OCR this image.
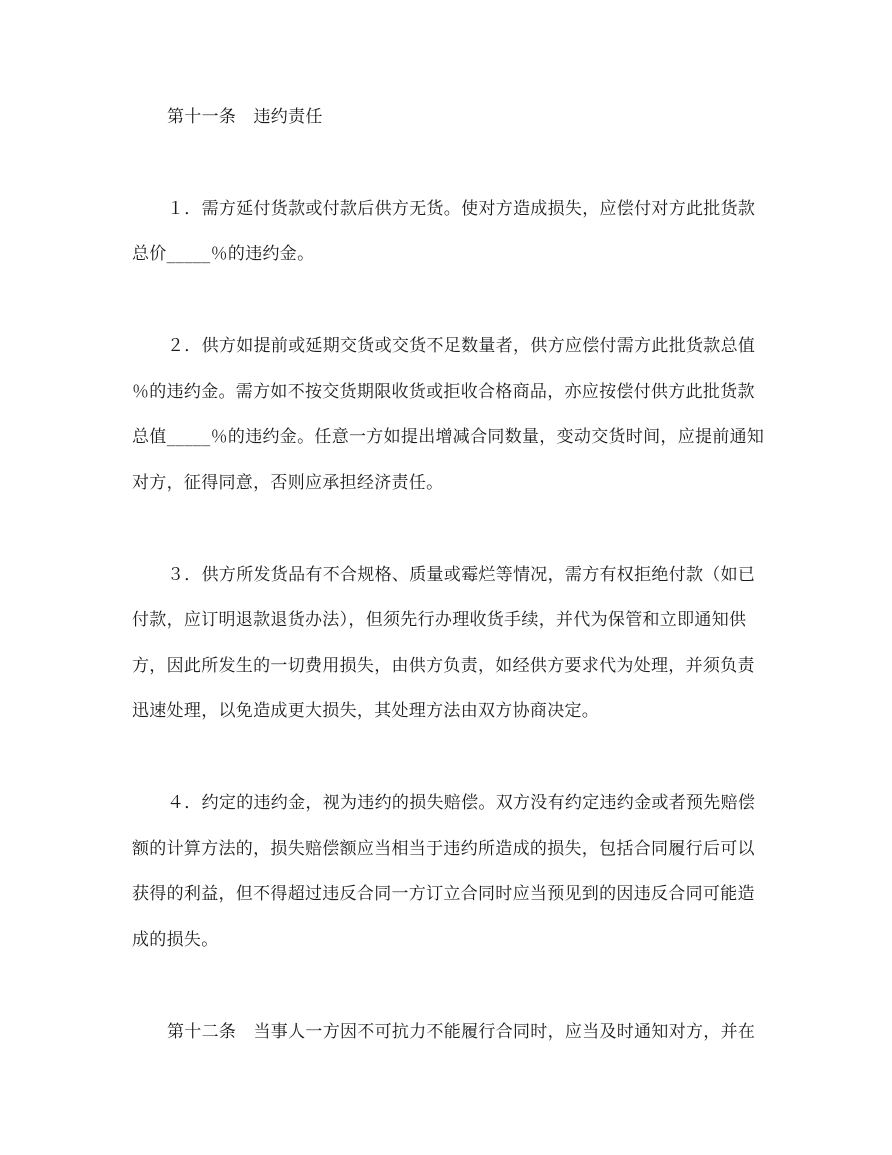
第十一条　违约责任
１．需方延付货款或付款后供方无货。使对方造成损失，应偿付对方此批货款
总价_____％的违约金。
２．供方如提前或延期交货或交货不足数量者，供方应偿付需方此批货款总值
％的违约金。需方如不按交货期限收货或拒收合格商品，亦应按偿付供方此批货款
总值_____％的违约金。任意一方如提出增减合同数量，变动交货时间，应提前通知
对方，征得同意，否则应承担经济责任。
３．供方所发货品有不合规格、质量或霉烂等情况，需方有权拒绝付款（如已
付款，应订明退款退货办法），但须先行办理收货手续，并代为保管和立即通知供
方，因此所发生的一切费用损失，由供方负责，如经供方要求代为处理，并须负责
迅速处理，以免造成更大损失，其处理方法由双方协商决定。
４．约定的违约金，视为违约的损失赔偿。双方没有约定违约金或者预先赔偿
额的计算方法的，损失赔偿额应当相当于违约所造成的损失，包括合同履行后可以
获得的利益，但不得超过违反合同一方订立合同时应当预见到的因违反合同可能造
成的损失。
第十二条　当事人一方因不可抗力不能履行合同时，应当及时通知对方，并在
